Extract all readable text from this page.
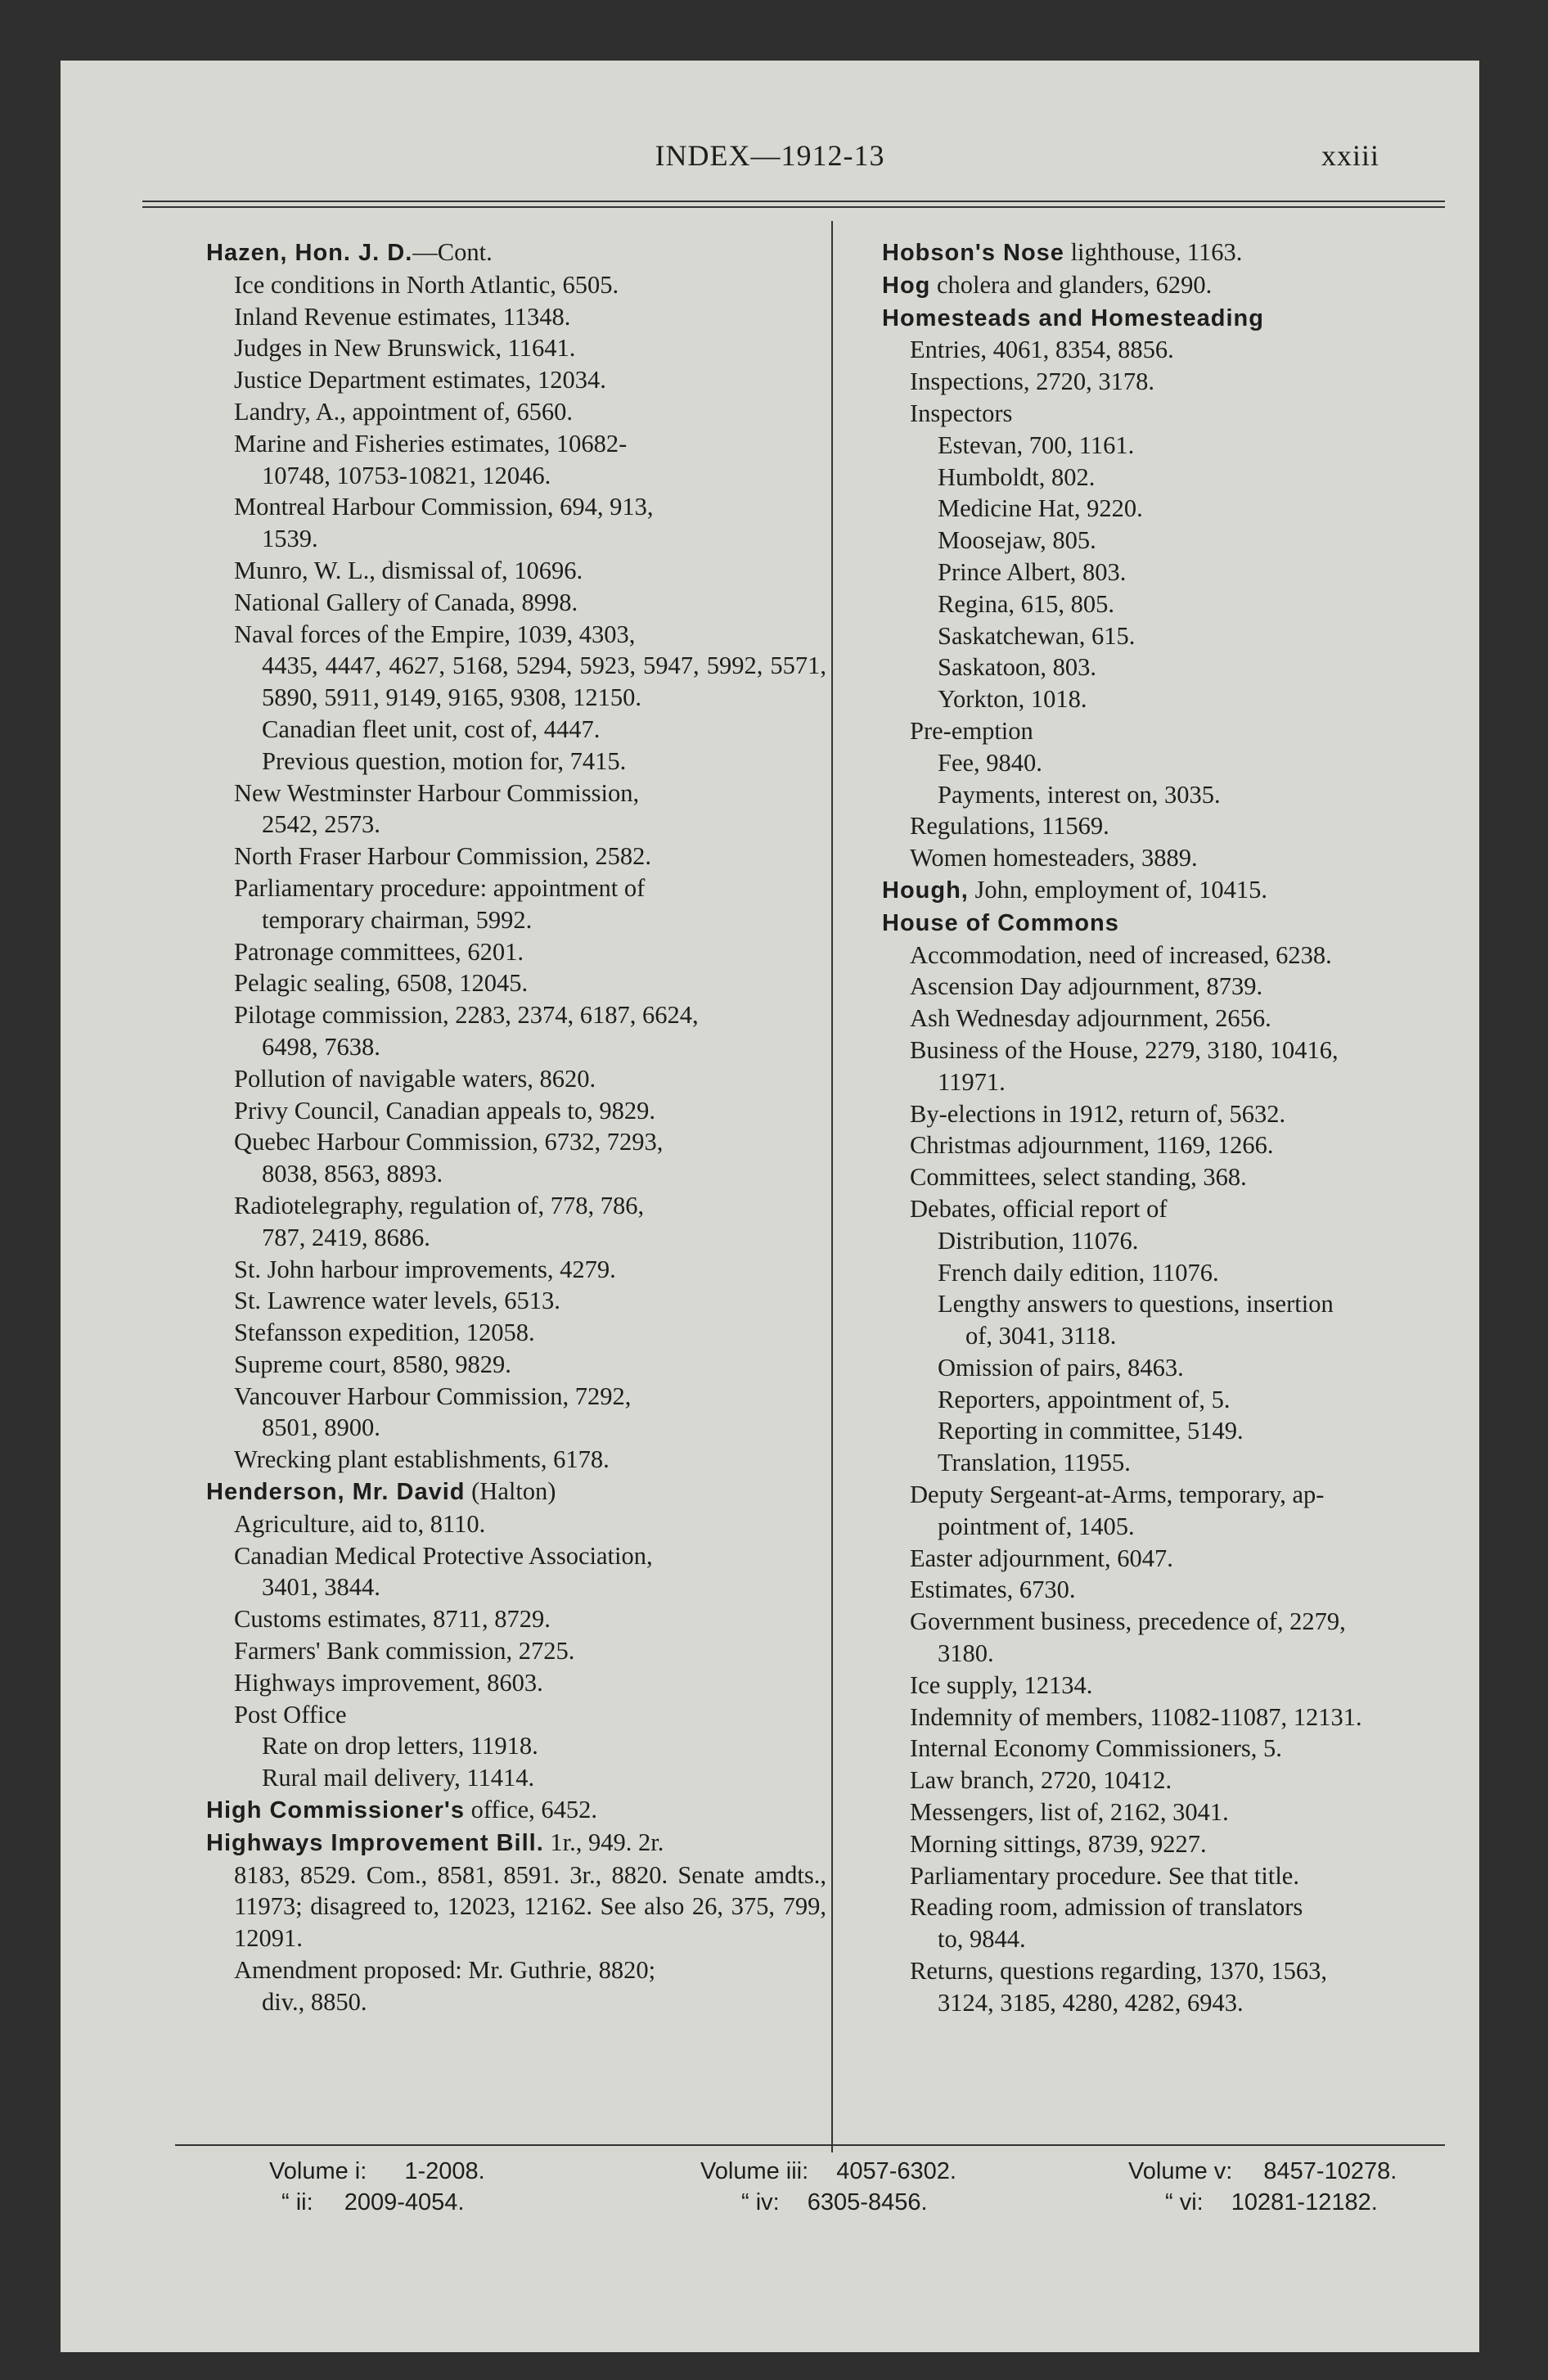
INDEX—1912-13	xxiii
Hazen, Hon. J. D.—Cont.
Ice conditions in North Atlantic, 6505.
Inland Revenue estimates, 11348.
Judges in New Brunswick, 11641.
Justice Department estimates, 12034.
Landry, A., appointment of, 6560.
Marine and Fisheries estimates, 10682-
10748, 10753-10821, 12046.
Montreal Harbour Commission, 694, 913,
1539.
Munro, W. L., dismissal of, 10696.
National Gallery of Canada, 8998.
Naval forces of the Empire, 1039, 4303,
4435, 4447, 4627, 5168, 5294, 5923, 5947, 5992, 5571, 5890, 5911, 9149, 9165, 9308, 12150.
Canadian fleet unit, cost of, 4447.
Previous question, motion for, 7415.
New Westminster Harbour Commission,
2542, 2573.
North Fraser Harbour Commission, 2582.
Parliamentary procedure: appointment of
temporary chairman, 5992.
Patronage committees, 6201.
Pelagic sealing, 6508, 12045.
Pilotage commission, 2283, 2374, 6187, 6624,
6498, 7638.
Pollution of navigable waters, 8620.
Privy Council, Canadian appeals to, 9829.
Quebec Harbour Commission, 6732, 7293,
8038, 8563, 8893.
Radiotelegraphy, regulation of, 778, 786,
787, 2419, 8686.
St. John harbour improvements, 4279.
St. Lawrence water levels, 6513.
Stefansson expedition, 12058.
Supreme court, 8580, 9829.
Vancouver Harbour Commission, 7292,
8501, 8900.
Wrecking plant establishments, 6178.
Henderson, Mr. David (Halton)
Agriculture, aid to, 8110.
Canadian Medical Protective Association,
3401, 3844.
Customs estimates, 8711, 8729.
Farmers' Bank commission, 2725.
Highways improvement, 8603.
Post Office
Rate on drop letters, 11918.
Rural mail delivery, 11414.
High Commissioner's office, 6452.
Highways Improvement Bill. 1r., 949. 2r.
8183, 8529. Com., 8581, 8591. 3r., 8820. Senate amdts., 11973; disagreed to, 12023, 12162. See also 26, 375, 799, 12091.
Amendment proposed: Mr. Guthrie, 8820;
div., 8850.
Hobson's Nose lighthouse, 1163.
Hog cholera and glanders, 6290.
Homesteads and Homesteading
Entries, 4061, 8354, 8856.
Inspections, 2720, 3178.
Inspectors
Estevan, 700, 1161.
Humboldt, 802.
Medicine Hat, 9220.
Moosejaw, 805.
Prince Albert, 803.
Regina, 615, 805.
Saskatchewan, 615.
Saskatoon, 803.
Yorkton, 1018.
Pre-emption
Fee, 9840.
Payments, interest on, 3035.
Regulations, 11569.
Women homesteaders, 3889.
Hough, John, employment of, 10415.
House of Commons
Accommodation, need of increased, 6238.
Ascension Day adjournment, 8739.
Ash Wednesday adjournment, 2656.
Business of the House, 2279, 3180, 10416,
11971.
By-elections in 1912, return of, 5632.
Christmas adjournment, 1169, 1266.
Committees, select standing, 368.
Debates, official report of
Distribution, 11076.
French daily edition, 11076.
Lengthy answers to questions, insertion
of, 3041, 3118.
Omission of pairs, 8463.
Reporters, appointment of, 5.
Reporting in committee, 5149.
Translation, 11955.
Deputy Sergeant-at-Arms, temporary, ap-
pointment of, 1405.
Easter adjournment, 6047.
Estimates, 6730.
Government business, precedence of, 2279,
3180.
Ice supply, 12134.
Indemnity of members, 11082-11087, 12131.
Internal Economy Commissioners, 5.
Law branch, 2720, 10412.
Messengers, list of, 2162, 3041.
Morning sittings, 8739, 9227.
Parliamentary procedure. See that title.
Reading room, admission of translators
to, 9844.
Returns, questions regarding, 1370, 1563,
3124, 3185, 4280, 4282, 6943.
Volume i: 1-2008.
“ ii: 2009-4054.
Volume iii: 4057-6302.
“ iv: 6305-8456.
Volume v: 8457-10278.
“ vi: 10281-12182.
